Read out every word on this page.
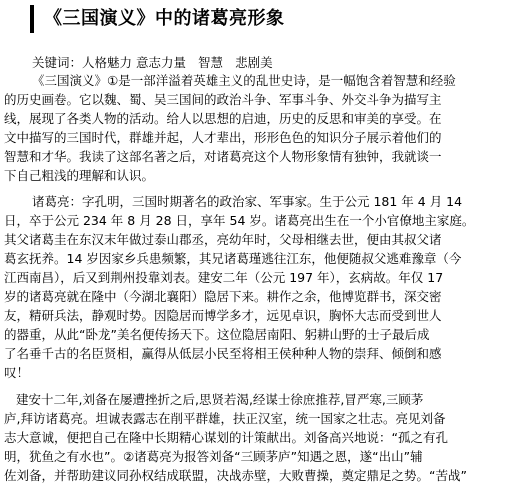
《三国演义》中的诸葛亮形象
关键词：人格魅力 意志力量 智慧 悲剧美
《三国演义》①是一部洋溢着英雄主义的乱世史诗，是一幅饱含着智慧和经验
的历史画卷。它以魏、蜀、吴三国间的政治斗争、军事斗争、外交斗争为描写主
线，展现了各类人物的活动。给人以思想的启迪，历史的反思和审美的享受。在
文中描写的三国时代，群雄并起，人才辈出，形形色色的知识分子展示着他们的
智慧和才华。我读了这部名著之后，对诸葛亮这个人物形象情有独钟，我就谈一
下自己粗浅的理解和认识。
诸葛亮：字孔明，三国时期著名的政治家、军事家。生于公元 181 年 4 月 14
日，卒于公元 234 年 8 月 28 日，享年 54 岁。诸葛亮出生在一个小官僚地主家庭。
其父诸葛圭在东汉末年做过泰山郡丞，亮幼年时，父母相继去世，便由其叔父诸
葛玄抚养。14 岁因家乡兵患频繁，其兄诸葛瑾逃往江东，他便随叔父逃难豫章（今
江西南昌），后又到荆州投靠刘表。建安二年（公元 197 年），玄病故。年仅 17
岁的诸葛亮就在隆中（今湖北襄阳）隐居下来。耕作之余，他博览群书，深交密
友，精研兵法，静观时势。因隐居而博学多才，远见卓识，胸怀大志而受到世人
的器重，从此“卧龙”美名便传扬天下。这位隐居南阳、躬耕山野的士子最后成
了名垂千古的名臣贤相，赢得从低层小民至将相王侯种种人物的崇拜、倾倒和感
叹！
建安十二年,刘备在屡遭挫折之后,思贤若渴,经谋士徐庶推荐,冒严寒,三顾茅
庐,拜访诸葛亮。坦诚表露志在削平群雄，扶正汉室，统一国家之壮志。亮见刘备
志大意诚，便把自己在隆中长期精心谋划的计策献出。刘备高兴地说：“孤之有孔
明，犹鱼之有水也”。②诸葛亮为报答刘备“三顾茅庐”知遇之恩，遂“出山”辅
佐刘备，并帮助建议同孙权结成联盟，决战赤壁，大败曹操，奠定鼎足之势。“苦战”
